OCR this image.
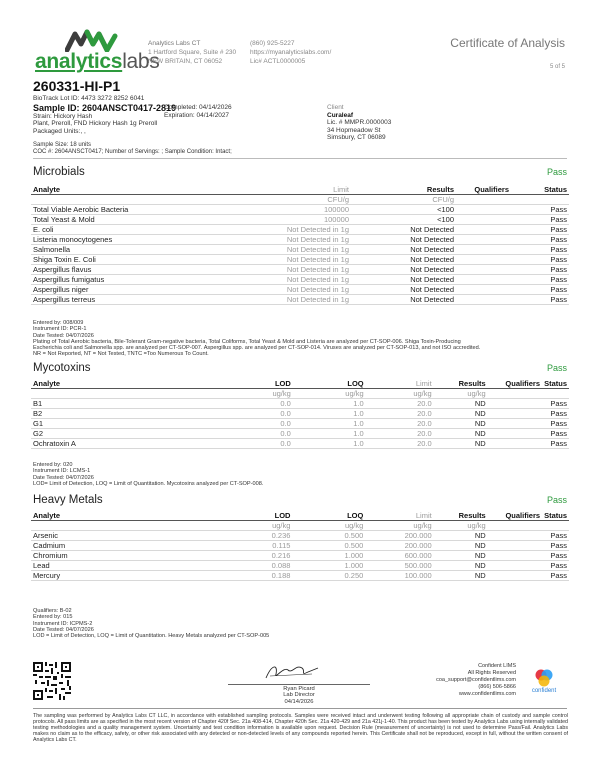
analyticslabs
Analytics Labs CT
1 Hartford Square, Suite # 230
NEW BRITAIN, CT 06052
(860) 925-5227
https://myanalyticslabs.com/
Lic# ACTL0000005
Certificate of Analysis
5 of 5
260331-HI-P1
BioTrack Lot ID: 4473 3272 8252 6041
Sample ID: 2604ANSCT0417-2819
Strain: Hickory Hash
Plant, Preroll, FND Hickory Hash 1g Preroll
Packaged Units:, ,
Completed: 04/14/2026
Expiration: 04/14/2027
Client
Curaleaf
Lic. # MMPR.0000003
34 Hopmeadow St
Simsbury, CT 06089
Sample Size: 18 units
COC #: 2604ANSCT0417; Number of Servings: ; Sample Condition: Intact;
Microbials	Pass
Analyte	Limit	Results	Qualifiers	Status
	CFU/g	CFU/g		
Total Viable Aerobic Bacteria	100000	<100		Pass
Total Yeast & Mold	100000	<100		Pass
E. coli	Not Detected in 1g	Not Detected		Pass
Listeria monocytogenes	Not Detected in 1g	Not Detected		Pass
Salmonella	Not Detected in 1g	Not Detected		Pass
Shiga Toxin E. Coli	Not Detected in 1g	Not Detected		Pass
Aspergillus flavus	Not Detected in 1g	Not Detected		Pass
Aspergillus fumigatus	Not Detected in 1g	Not Detected		Pass
Aspergillus niger	Not Detected in 1g	Not Detected		Pass
Aspergillus terreus	Not Detected in 1g	Not Detected		Pass
Entered by: 008/009
Instrument ID: PCR-1
Date Tested: 04/07/2026
Plating of Total Aerobic bacteria, Bile-Tolerant Gram-negative bacteria, Total Coliforms, Total Yeast & Mold and Listeria are analyzed per CT-SOP-006. Shiga Toxin-Producing
Escherichia coli and Salmonella spp. are analyzed per CT-SOP-007. Aspergillus spp. are analyzed per CT-SOP-014. Viruses are analyzed per CT-SOP-013, and not ISO accredited.
NR = Not Reported, NT = Not Tested, TNTC =Too Numerous To Count.
Mycotoxins	Pass
Analyte	LOD	LOQ	Limit	Results	Qualifiers	Status
	ug/kg	ug/kg	ug/kg	ug/kg		
B1	0.0	1.0	20.0	ND		Pass
B2	0.0	1.0	20.0	ND		Pass
G1	0.0	1.0	20.0	ND		Pass
G2	0.0	1.0	20.0	ND		Pass
Ochratoxin A	0.0	1.0	20.0	ND		Pass
Entered by: 020
Instrument ID: LCMS-1
Date Tested: 04/07/2026
LOD= Limit of Detection, LOQ = Limit of Quantitation. Mycotoxins analyzed per CT-SOP-008.
Heavy Metals	Pass
Analyte	LOD	LOQ	Limit	Results	Qualifiers	Status
	ug/kg	ug/kg	ug/kg	ug/kg		
Arsenic	0.236	0.500	200.000	ND		Pass
Cadmium	0.115	0.500	200.000	ND		Pass
Chromium	0.216	1.000	600.000	ND		Pass
Lead	0.088	1.000	500.000	ND		Pass
Mercury	0.188	0.250	100.000	ND		Pass
Qualifiers: B-02
Entered by: 015
Instrument ID: ICPMS-2
Date Tested: 04/07/2026
LOD = Limit of Detection, LOQ = Limit of Quantitation. Heavy Metals analyzed per CT-SOP-005
Ryan Picard
Lab Director
04/14/2026
Confident LIMS
All Rights Reserved
coa_support@confidentlims.com
(866) 506-5866
www.confidentlims.com	confident
The sampling was performed by Analytics Labs CT LLC, in accordance with established sampling protocols. Samples were received intact and underwent testing following all appropriate chain of custody and sample control protocols. All pass limits are as specified in the most recent version of Chapter 420f Sec. 21a 408-414, Chapter 420h Sec. 21a 420-429 and 21a 421j-1-40. This product has been tested by Analytics Labs using internally validated testing methodologies and a quality management system. Uncertainty and test condition information is available upon request. Decision Rule (measurement of uncertainty) is not used to determine Pass/Fail. Analytics Labs makes no claim as to the efficacy, safety, or other risk associated with any detected or non-detected levels of any compounds reported herein. This Certificate shall not be reproduced, except in full, without the written consent of Analytics Labs CT.
